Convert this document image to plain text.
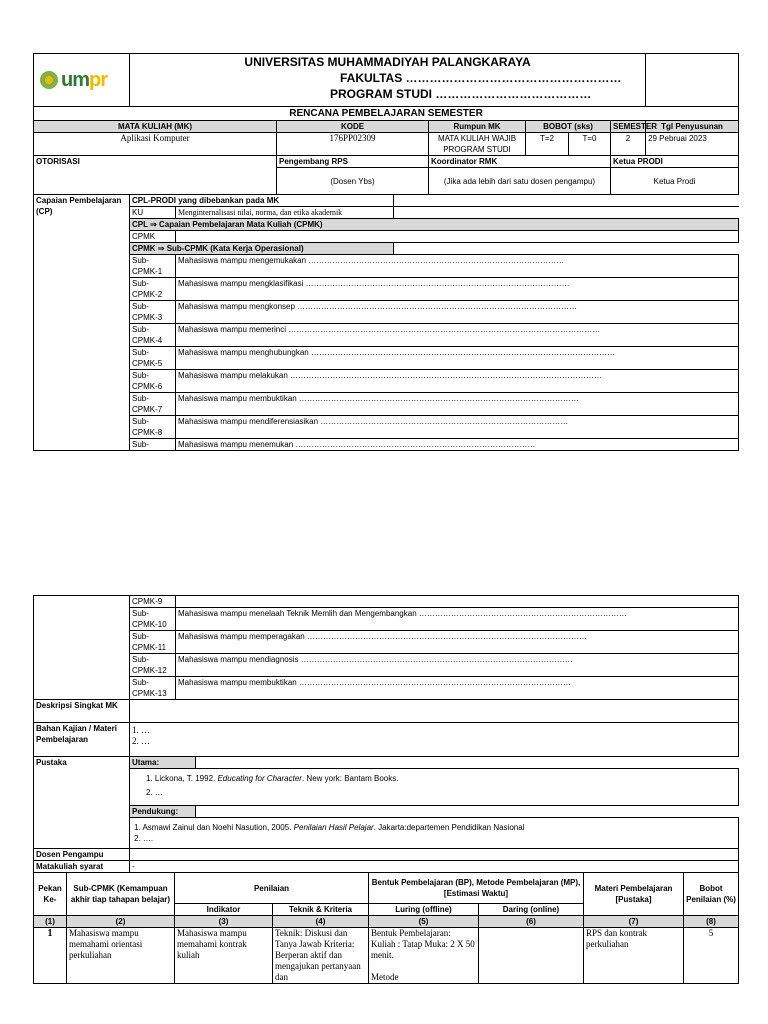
umpr	UNIVERSITAS MUHAMMADIYAH PALANGKARAYA
FAKULTAS ………………………………………………
PROGRAM STUDI …………………………………						

RENCANA PEMBELAJARAN SEMESTER							
MATA KULIAH (MK)		KODE	Rumpun MK	BOBOT (sks)		SEMESTER	Tgl Penyusunan
Aplikasi Komputer		176PP02309	MATA KULIAH WAJIB PROGRAM STUDI	T=2	T=0	2	29 Pebruai 2023
OTORISASI		Pengembang RPS	Koordinator RMK			Ketua PRODI	
		(Dosen Ybs)	(Jika ada lebih dari satu dosen pengampu)			Ketua Prodi	
Capaian Pembelajaran (CP)	CPL-PRODI yang dibebankan pada MK		
	KU	Menginternalisasi nilai, norma, dan etika akademik	
	CPL ⇒ Capaian Pembelajaran Mata Kuliah (CPMK)		
	CPMK		
	CPMK ⇒ Sub-CPMK (Kata Kerja Operasional)		
	Sub-CPMK-1	Mahasiswa mampu mengemukakan ……………………………………………………………………………………	
	Sub-CPMK-2	Mahasiswa mampu mengklasifikasi ………………………………………………………………………………………	
	Sub-CPMK-3	Mahasiswa mampu mengkonsep ……………………………………………………………………………………………	
	Sub-CPMK-4	Mahasiswa mampu memerinci ………………………………………………………………………………………………………	
	Sub-CPMK-5	Mahasiswa mampu menghubungkan ……………………………………………………………………………………………………	
	Sub-CPMK-6	Mahasiswa mampu melakukan ………………………………………………………………………………………………………	
	Sub-CPMK-7	Mahasiswa mampu membuktikan ……………………………………………………………………………………………	
	Sub-CPMK-8	Mahasiswa mampu mendiferensiasikan …………………………………………………………………………………	
	Sub-	Mahasiswa mampu menemukan ………………………………………………………………………………	
	CPMK-9	
	Sub-CPMK-10	Mahasiswa mampu menelaah Teknik Memlih dan Mengembangkan ……………………………………………………………………
	Sub-CPMK-11	Mahasiswa mampu memperagakan ……………………………………………………………………………………………
	Sub-CPMK-12	Mahasiswa mampu mendiagnosis …………………………………………………………………………………………
	Sub-CPMK-13	Mahasiswa mampu membuktikan …………………………………………………………………………………………
Deskripsi Singkat MK	
Bahan Kajian / Materi Pembelajaran	1. …
2. …
Pustaka	Utama:	

	1. Lickona, T. 1992. Educating for Character. New york: Bantam Books.
2. …	

	Pendukung:	

	1. Asmawi Zainul dan Noehi Nasution, 2005. Penilaian Hasil Pelajar. Jakarta:departemen Pendidikan Nasional
2. ….	

Dosen Pengampu		
Matakuliah syarat	-	
Pekan Ke-	Sub-CPMK (Kemampuan akhir tiap tahapan belajar)	Penilaian		Bentuk Pembelajaran (BP), Metode Pembelajaran (MP), [Estimasi Waktu]		Materi Pembelajaran [Pustaka]	Bobot Penilaian (%)
		Indikator	Teknik & Kriteria	Luring (offline)	Daring (online)		
(1)	(2)	(3)	(4)	(5)	(6)	(7)	(8)
1	Mahasiswa mampu memahami orientasi perkuliahan	Mahasiswa mampu memahami kontrak kuliah	Teknik: Diskusi dan Tanya Jawab Kriteria: Berperan aktif dan mengajukan pertanyaan dan	Bentuk Pembelajaran: Kuliah : Tatap Muka: 2 X 50 menit.
Metode		RPS dan kontrak perkuliahan	5
